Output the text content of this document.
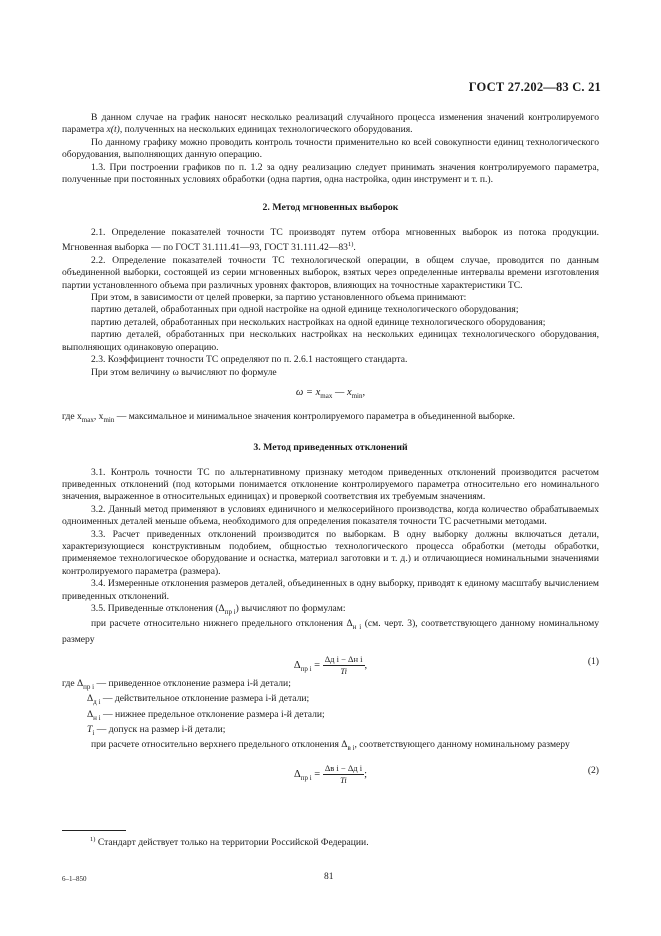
ГОСТ 27.202—83 С. 21

В данном случае на график наносят несколько реализаций случайного процесса изменения значений контролируемого параметра x(t), полученных на нескольких единицах технологического оборудования.

По данному графику можно проводить контроль точности применительно ко всей совокупности единиц технологического оборудования, выполняющих данную операцию.

1.3. При построении графиков по п. 1.2 за одну реализацию следует принимать значения контролируемого параметра, полученные при постоянных условиях обработки (одна партия, одна настройка, один инструмент и т. п.).

2. Метод мгновенных выборок

2.1. Определение показателей точности ТС производят путем отбора мгновенных выборок из потока продукции. Мгновенная выборка — по ГОСТ 31.111.41—93, ГОСТ 31.111.42—83$^{1)}$.

2.2. Определение показателей точности ТС технологической операции, в общем случае, проводится по данным объединенной выборки, состоящей из серии мгновенных выборок, взятых через определенные интервалы времени изготовления партии установленного объема при различных уровнях факторов, влияющих на точностные характеристики ТС.

При этом, в зависимости от целей проверки, за партию установленного объема принимают:

партию деталей, обработанных при одной настройке на одной единице технологического оборудования;

партию деталей, обработанных при нескольких настройках на одной единице технологического оборудования;

партию деталей, обработанных при нескольких настройках на нескольких единицах технологического оборудования, выполняющих одинаковую операцию.

2.3. Коэффициент точности ТС определяют по п. 2.6.1 настоящего стандарта.

При этом величину ω вычисляют по формуле

$\omega = x_{max}$ — $x_{min}$,

где $x_{max}$, $x_{min}$ — максимальное и минимальное значения контролируемого параметра в объединенной выборке.

3. Метод приведенных отклонений

3.1. Контроль точности ТС по альтернативному признаку методом приведенных отклонений производится расчетом приведенных отклонений (под которыми понимается отклонение контролируемого параметра относительно его номинального значения, выраженное в относительных единицах) и проверкой соответствия их требуемым значениям.

3.2. Данный метод применяют в условиях единичного и мелкосерийного производства, когда количество обрабатываемых одноименных деталей меньше объема, необходимого для определения показателя точности ТС расчетными методами.

3.3. Расчет приведенных отклонений производится по выборкам. В одну выборку должны включаться детали, характеризующиеся конструктивным подобием, общностью технологического процесса обработки (методы обработки, применяемое технологическое оборудование и оснастка, материал заготовки и т. д.) и отличающиеся номинальными значениями контролируемого параметра (размера).

3.4. Измеренные отклонения размеров деталей, объединенных в одну выборку, приводят к единому масштабу вычислением приведенных отклонений.

3.5. Приведенные отклонения $(\Delta_{пр i})$ вычисляют по формулам:

при расчете относительно нижнего предельного отклонения $\Delta_{н i}$ (см. черт. 3), соответствующего данному номинальному размеру

$\Delta_{пр i} = \frac{\text{Δд i − Δн i}}{Ti}$ ,	(1)

где $\Delta_{пр i}$ — приведенное отклонение размера i-й детали;

$\Delta_{д i}$ — действительное отклонение размера i-й детали;

$\Delta_{н i}$ — нижнее предельное отклонение размера i-й детали;

$T_i$ — допуск на размер i-й детали;

при расчете относительно верхнего предельного отклонения $\Delta_{в i}$, соответствующего данному номинальному размеру

$\Delta_{пр i} = \frac{\text{Δв i − Δд i}}{Ti}$ ;	(2)
$^{1)}$ Стандарт действует только на территории Российской Федерации.
6–1–850	81
